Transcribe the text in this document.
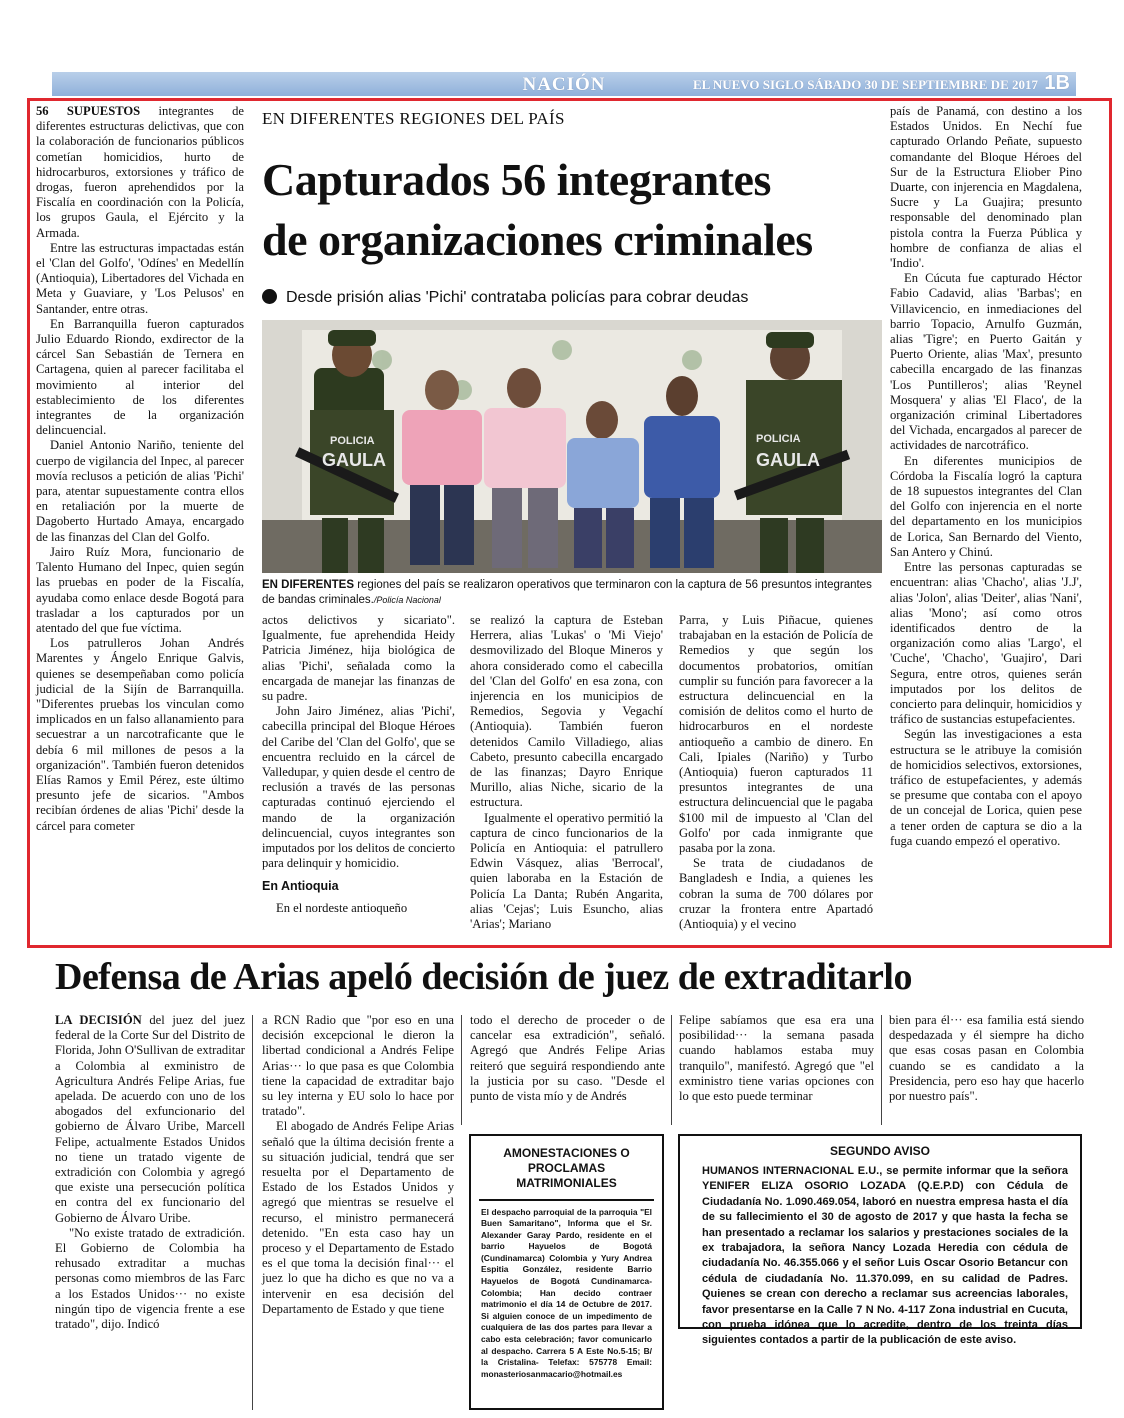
NACIÓN	EL NUEVO SIGLO SÁBADO 30 DE SEPTIEMBRE DE 2017 1B

56 SUPUESTOS integrantes de diferentes estructuras delictivas, que con la colaboración de funcionarios públicos cometían homicidios, hurto de hidrocarburos, extorsiones y tráfico de drogas, fueron aprehendidos por la Fiscalía en coordinación con la Policía, los grupos Gaula, el Ejército y la Armada.

Entre las estructuras impactadas están el 'Clan del Golfo', 'Odínes' en Medellín (Antioquia), Libertadores del Vichada en Meta y Guaviare, y 'Los Pelusos' en Santander, entre otras.

En Barranquilla fueron capturados Julio Eduardo Riondo, exdirector de la cárcel San Sebastián de Ternera en Cartagena, quien al parecer facilitaba el movimiento al interior del establecimiento de los diferentes integrantes de la organización delincuencial.

Daniel Antonio Nariño, teniente del cuerpo de vigilancia del Inpec, al parecer movía reclusos a petición de alias 'Pichi' para, atentar supuestamente contra ellos en retaliación por la muerte de Dagoberto Hurtado Amaya, encargado de las finanzas del Clan del Golfo.

Jairo Ruíz Mora, funcionario de Talento Humano del Inpec, quien según las pruebas en poder de la Fiscalía, ayudaba como enlace desde Bogotá para trasladar a los capturados por un atentado del que fue víctima.

Los patrulleros Johan Andrés Marentes y Ángelo Enrique Galvis, quienes se desempeñaban como policía judicial de la Sijín de Barranquilla. "Diferentes pruebas los vinculan como implicados en un falso allanamiento para secuestrar a un narcotraficante que le debía 6 mil millones de pesos a la organización". También fueron detenidos Elías Ramos y Emil Pérez, este último presunto jefe de sicarios. "Ambos recibían órdenes de alias 'Pichi' desde la cárcel para cometer

EN DIFERENTES REGIONES DEL PAÍS
Capturados 56 integrantes
de organizaciones criminales
Desde prisión alias 'Pichi' contrataba policías para cobrar deudas
POLICIA
GAULA
POLICIA
GAULA
EN DIFERENTES regiones del país se realizaron operativos que terminaron con la captura de 56 presuntos integrantes de bandas criminales./Policía Nacional

actos delictivos y sicariato". Igualmente, fue aprehendida Heidy Patricia Jiménez, hija biológica de alias 'Pichi', señalada como la encargada de manejar las finanzas de su padre.

John Jairo Jiménez, alias 'Pichi', cabecilla principal del Bloque Héroes del Caribe del 'Clan del Golfo', que se encuentra recluido en la cárcel de Valledupar, y quien desde el centro de reclusión a través de las personas capturadas continuó ejerciendo el mando de la organización delincuencial, cuyos integrantes son imputados por los delitos de concierto para delinquir y homicidio.

En Antioquia

En el nordeste antioqueño

se realizó la captura de Esteban Herrera, alias 'Lukas' o 'Mi Viejo' desmovilizado del Bloque Mineros y ahora considerado como el cabecilla del 'Clan del Golfo' en esa zona, con injerencia en los municipios de Remedios, Segovia y Vegachí (Antioquia). También fueron detenidos Camilo Villadiego, alias Cabeto, presunto cabecilla encargado de las finanzas; Dayro Enrique Murillo, alias Niche, sicario de la estructura.

Igualmente el operativo permitió la captura de cinco funcionarios de la Policía en Antioquia: el patrullero Edwin Vásquez, alias 'Berrocal', quien laboraba en la Estación de Policía La Danta; Rubén Angarita, alias 'Cejas'; Luis Esuncho, alias 'Arias'; Mariano

Parra, y Luis Piñacue, quienes trabajaban en la estación de Policía de Remedios y que según los documentos probatorios, omitían cumplir su función para favorecer a la estructura delincuencial en la comisión de delitos como el hurto de hidrocarburos en el nordeste antioqueño a cambio de dinero. En Cali, Ipiales (Nariño) y Turbo (Antioquia) fueron capturados 11 presuntos integrantes de una estructura delincuencial que le pagaba $100 mil de impuesto al 'Clan del Golfo' por cada inmigrante que pasaba por la zona.

Se trata de ciudadanos de Bangladesh e India, a quienes les cobran la suma de 700 dólares por cruzar la frontera entre Apartadó (Antioquia) y el vecino

país de Panamá, con destino a los Estados Unidos. En Nechí fue capturado Orlando Peñate, supuesto comandante del Bloque Héroes del Sur de la Estructura Eliober Pino Duarte, con injerencia en Magdalena, Sucre y La Guajira; presunto responsable del denominado plan pistola contra la Fuerza Pública y hombre de confianza de alias el 'Indio'.

En Cúcuta fue capturado Héctor Fabio Cadavid, alias 'Barbas'; en Villavicencio, en inmediaciones del barrio Topacio, Arnulfo Guzmán, alias 'Tigre'; en Puerto Gaitán y Puerto Oriente, alias 'Max', presunto cabecilla encargado de las finanzas 'Los Puntilleros'; alias 'Reynel Mosquera' y alias 'El Flaco', de la organización criminal Libertadores del Vichada, encargados al parecer de actividades de narcotráfico.

En diferentes municipios de Córdoba la Fiscalía logró la captura de 18 supuestos integrantes del Clan del Golfo con injerencia en el norte del departamento en los municipios de Lorica, San Bernardo del Viento, San Antero y Chinú.

Entre las personas capturadas se encuentran: alias 'Chacho', alias 'J.J', alias 'Jolon', alias 'Deiter', alias 'Nani', alias 'Mono'; así como otros identificados dentro de la organización como alias 'Largo', el 'Cuche', 'Chacho', 'Guajiro', Dari Segura, entre otros, quienes serán imputados por los delitos de concierto para delinquir, homicidios y tráfico de sustancias estupefacientes.

Según las investigaciones a esta estructura se le atribuye la comisión de homicidios selectivos, extorsiones, tráfico de estupefacientes, y además se presume que contaba con el apoyo de un concejal de Lorica, quien pese a tener orden de captura se dio a la fuga cuando empezó el operativo.

Defensa de Arias apeló decisión de juez de extraditarlo

LA DECISIÓN del juez del juez federal de la Corte Sur del Distrito de Florida, John O'Sullivan de extraditar a Colombia al exministro de Agricultura Andrés Felipe Arias, fue apelada. De acuerdo con uno de los abogados del exfuncionario del gobierno de Álvaro Uribe, Marcell Felipe, actualmente Estados Unidos no tiene un tratado vigente de extradición con Colombia y agregó que existe una persecución política en contra del ex funcionario del Gobierno de Álvaro Uribe.

"No existe tratado de extradición. El Gobierno de Colombia ha rehusado extraditar a muchas personas como miembros de las Farc a los Estados Unidos··· no existe ningún tipo de vigencia frente a ese tratado", dijo. Indicó

a RCN Radio que "por eso en una decisión excepcional le dieron la libertad condicional a Andrés Felipe Arias··· lo que pasa es que Colombia tiene la capacidad de extraditar bajo su ley interna y EU solo lo hace por tratado".

El abogado de Andrés Felipe Arias señaló que la última decisión frente a su situación judicial, tendrá que ser resuelta por el Departamento de Estado de los Estados Unidos y agregó que mientras se resuelve el recurso, el ministro permanecerá detenido. "En esta caso hay un proceso y el Departamento de Estado es el que toma la decisión final··· el juez lo que ha dicho es que no va a intervenir en esa decisión del Departamento de Estado y que tiene

todo el derecho de proceder o de cancelar esa extradición", señaló. Agregó que Andrés Felipe Arias reiteró que seguirá respondiendo ante la justicia por su caso. "Desde el punto de vista mío y de Andrés

Felipe sabíamos que esa era una posibilidad··· la semana pasada cuando hablamos estaba muy tranquilo", manifestó. Agregó que "el exministro tiene varias opciones con lo que esto puede terminar

bien para él··· esa familia está siendo despedazada y él siempre ha dicho que esas cosas pasan en Colombia cuando se es candidato a la Presidencia, pero eso hay que hacerlo por nuestro país".

AMONESTACIONES O
PROCLAMAS MATRIMONIALES
El despacho parroquial de la parroquia "El Buen Samaritano", Informa que el Sr. Alexander Garay Pardo, residente en el barrio Hayuelos de Bogotá (Cundinamarca) Colombia y Yury Andrea Espitia González, residente Barrio Hayuelos de Bogotá Cundinamarca- Colombia; Han decido contraer matrimonio el día 14 de Octubre de 2017. Si alguien conoce de un impedimento de cualquiera de las dos partes para llevar a cabo esta celebración; favor comunicarlo al despacho. Carrera 5 A Este No.5-15; B/ la Cristalina- Telefax: 575778 Email: monasteriosanmacario@hotmail.es
SEGUNDO AVISO
HUMANOS INTERNACIONAL E.U., se permite informar que la señora YENIFER ELIZA OSORIO LOZADA (Q.E.P.D) con Cédula de Ciudadanía No. 1.090.469.054, laboró en nuestra empresa hasta el día de su fallecimiento el 30 de agosto de 2017 y que hasta la fecha se han presentado a reclamar los salarios y prestaciones sociales de la ex trabajadora, la señora Nancy Lozada Heredia con cédula de ciudadanía No. 46.355.066 y el señor Luis Oscar Osorio Betancur con cédula de ciudadanía No. 11.370.099, en su calidad de Padres. Quienes se crean con derecho a reclamar sus acreencias laborales, favor presentarse en la Calle 7 N No. 4-117 Zona industrial en Cucuta, con prueba idónea que lo acredite, dentro de los treinta días siguientes contados a partir de la publicación de este aviso.
